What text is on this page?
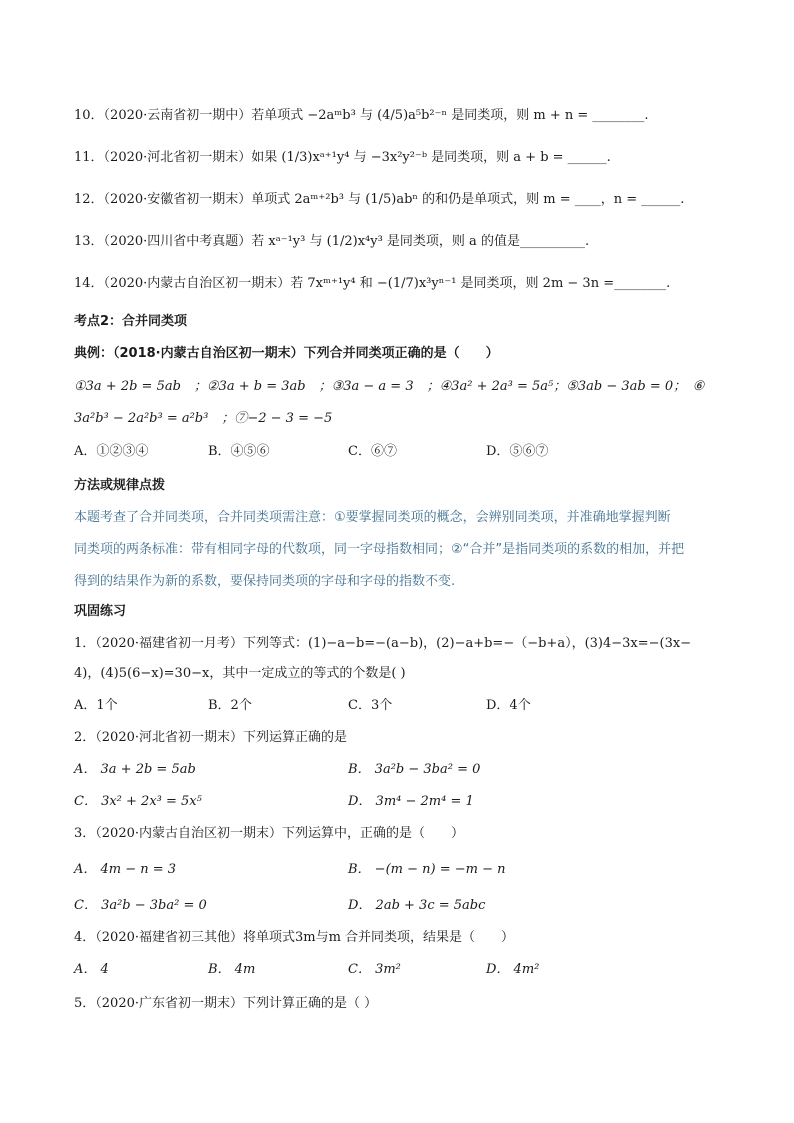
10．（2020·云南省初一期中）若单项式 −2aᵐb³ 与 (4/5)a⁵b²⁻ⁿ 是同类项，则 m + n = ________.
11．（2020·河北省初一期末）如果 (1/3)xᵃ⁺¹y⁴ 与 −3x²y²⁻ᵇ 是同类项，则 a + b = ______.
12．（2020·安徽省初一期末）单项式 2aᵐ⁺²b³ 与 (1/5)abⁿ 的和仍是单项式，则 m = ____，n = ______.
13．（2020·四川省中考真题）若 xᵃ⁻¹y³ 与 (1/2)x⁴y³ 是同类项，则 a 的值是__________.
14．（2020·内蒙古自治区初一期末）若 7xᵐ⁺¹y⁴ 和 −(1/7)x³yⁿ⁻¹ 是同类项，则 2m − 3n =________.
考点2：合并同类项
典例：（2018·内蒙古自治区初一期末）下列合并同类项正确的是（　　）
①3a + 2b = 5ab　；②3a + b = 3ab　；③3a − a = 3　；④3a² + 2a³ = 5a⁵；⑤3ab − 3ab = 0；　⑥
3a²b³ − 2a²b³ = a²b³　；⑦−2 − 3 = −5
A．①②③④	B．④⑤⑥	C．⑥⑦	D．⑤⑥⑦
方法或规律点拨
本题考查了合并同类项，合并同类项需注意：①要掌握同类项的概念，会辨别同类项，并准确地掌握判断
同类项的两条标准：带有相同字母的代数项，同一字母指数相同；②“合并”是指同类项的系数的相加，并把
得到的结果作为新的系数，要保持同类项的字母和字母的指数不变.
巩固练习
1．（2020·福建省初一月考）下列等式：(1)−a−b=−(a−b)，(2)−a+b=−（−b+a），(3)4−3x=−(3x−
4)，(4)5(6−x)=30−x，其中一定成立的等式的个数是( )
A．1个	B．2个	C．3个	D．4个
2．（2020·河北省初一期末）下列运算正确的是
A． 3a + 2b = 5ab	B． 3a²b − 3ba² = 0
C． 3x² + 2x³ = 5x⁵	D． 3m⁴ − 2m⁴ = 1
3．（2020·内蒙古自治区初一期末）下列运算中，正确的是（　　）
A． 4m − n = 3	B． −(m − n) = −m − n
C． 3a²b − 3ba² = 0	D． 2ab + 3c = 5abc
4．（2020·福建省初三其他）将单项式3m与m 合并同类项，结果是（　　）
A． 4	B． 4m	C． 3m²	D． 4m²
5．（2020·广东省初一期末）下列计算正确的是（ ）
